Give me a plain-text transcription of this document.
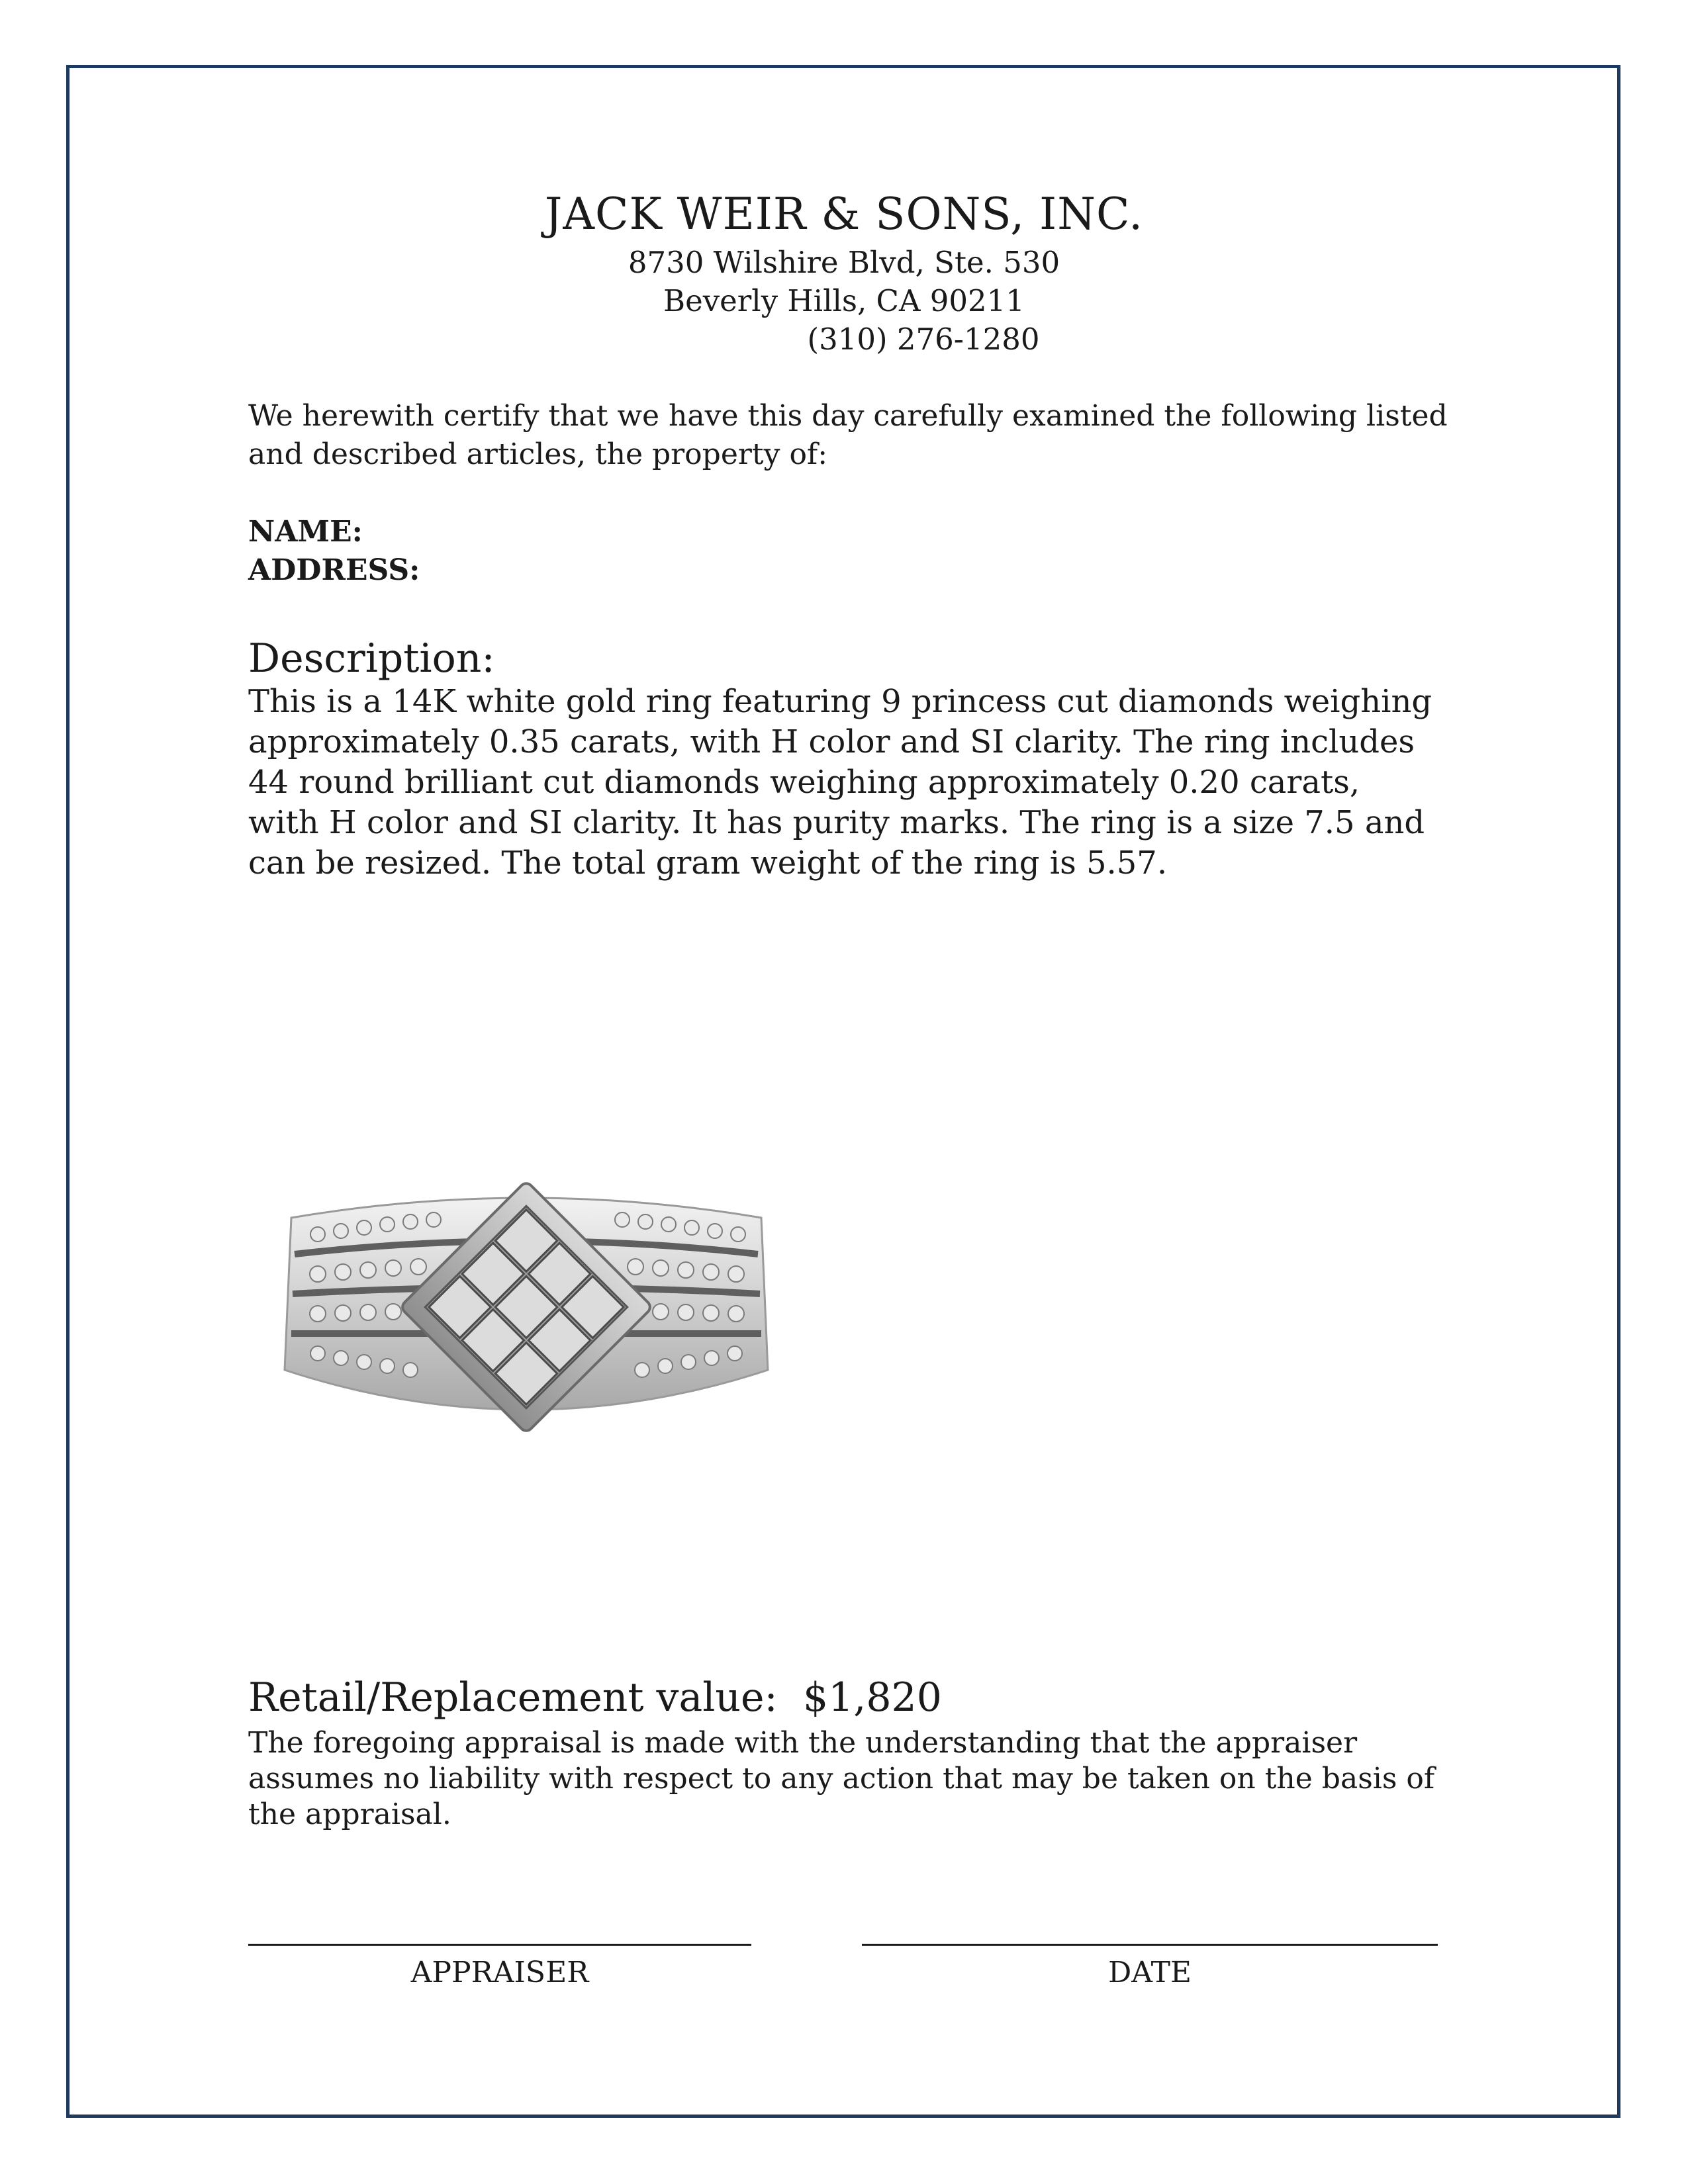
JACK WEIR & SONS, INC.
8730 Wilshire Blvd, Ste. 530
Beverly Hills, CA 90211
(310) 276-1280
We herewith certify that we have this day carefully examined the following listed and described articles, the property of:
NAME:
ADDRESS:
Description:
This is a 14K white gold ring featuring 9 princess cut diamonds weighing approximately 0.35 carats, with H color and SI clarity. The ring includes 44 round brilliant cut diamonds weighing approximately 0.20 carats, with H color and SI clarity. It has purity marks. The ring is a size 7.5 and can be resized. The total gram weight of the ring is 5.57.
Retail/Replacement value: $1,820
The foregoing appraisal is made with the understanding that the appraiser assumes no liability with respect to any action that may be taken on the basis of the appraisal.
APPRAISER	DATE
